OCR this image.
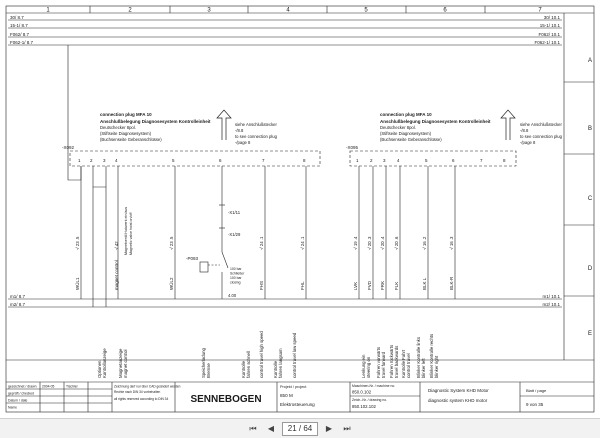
1	2	3	4	5	6	7
A
B
C
D
E
30/ 8.7
15-1/ 8.7
F062/ 8.7
F062-1/ 8.7
30/ 10.1
15-1/ 10.1
F062/ 10.1
F062-1/ 10.1
m1/ 8.7
m2/ 8.7
m1/ 10.1
m2/ 10.1
connection plug MFA 10
Anschlußbelegung Diagnosesystem Kontrolleinheit
Deutschecker 8pol.
(Stiftseite Diagnosesystem)
(Buchsenseite Geberanschlüsse)
siehe Anschlußstecker
-/8.8
to see connection plug
-/page 8
-X092
1 2 3 4	5	6	7	8
connection plug MFA 10
Anschlußbelegung Diagnosesystem Kontrolleinheit
Deutschecker 8pol.
(Stiftseite Diagnosesystem)
(Buchsenseite Geberanschlüsse)
siehe Anschlußstecker
-/8.8
to see connection plug
-/page 8
-X095
1	2 3	4	5	6	7	8
-/ 23 .5
WÜL1
-/ 42
magnet control
-/ 23 .5
WÜL2
-/ 24 .1
FHS
-/ 24 .1
FHL
-/ 19 .4
LVK
-/ 20 .3
FVD
-/ 20 .4
FRK
-/ 20 .6
FLK
-/ 16 .2
BLK L
-/ 16 .3
BLK-R
Magnetventil Hubwerk ein/aus Magnetic valve hoist on/off	-X1/11
-X1/29
4.00
-P093
100 bar
Schließer
100 bar
closing
Optionen Kontrollanzeige	Magnetanzeige magnet control	Speicherladung Bremse	Kontrolle fahren schnell control travel high speed Kontrolle fahren langsam control travel low speed	Lenkung ein steering on Fahren vorwärts travel forward Fahren rückwärts travel backwards Kontrolle Fahrt control travel Blinker Kontrolle links blinker left Blinker Kontrolle rechts blinker right
gezeichnet / drawn
geprüft / checked
Datum / date
Name
2004-05	Tischler	Zeichnung darf nur über CAD geändert werden
Rechte nach DIN 34 vorbehalten
all rights reserved according to DIN 34 SENNEBOGEN
Projekt / project
850 M
Elektrosteuerung
Maschinen-Nr. / machine no.
850.0.102
Zeich.-Nr. / drawing no.
850.102.102
Diagnostic System KHD Motor
diagnostic system KHD motor
Blatt / page
9 von 35
⏮	◀	21 / 64	▶	⏭
